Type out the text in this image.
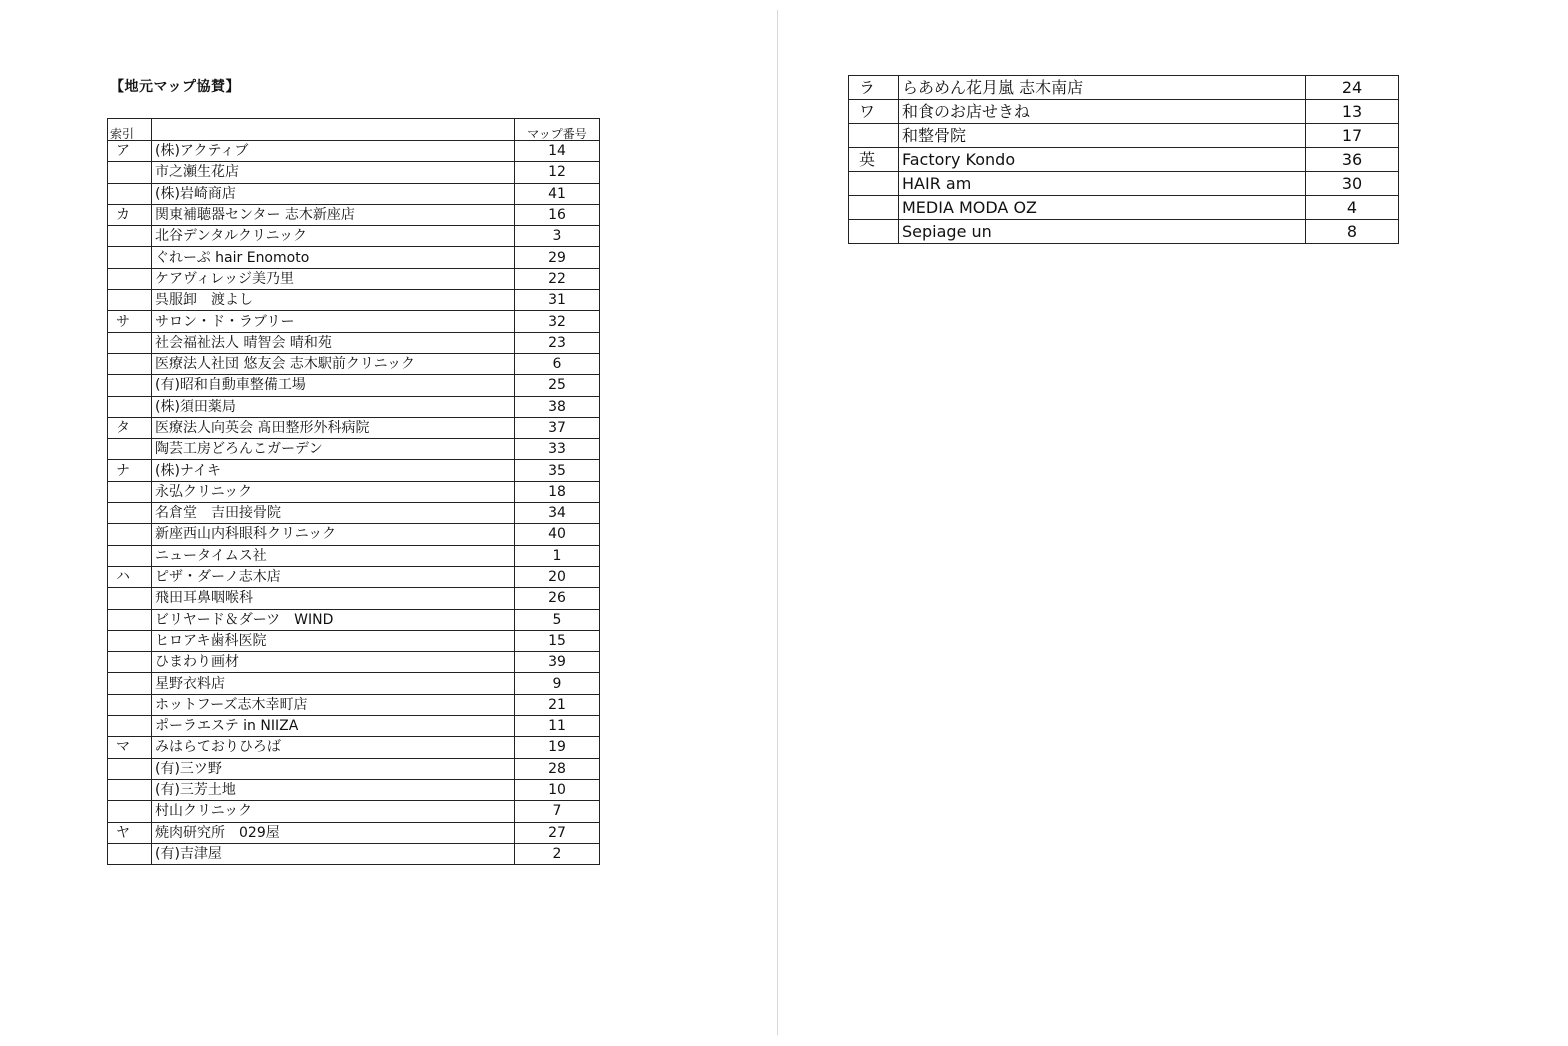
【地元マップ協賛】
索引		マップ番号
ア	(株)アクティブ	14
	市之瀬生花店	12
	(株)岩崎商店	41
カ	関東補聴器センター 志木新座店	16
	北谷デンタルクリニック	3
	ぐれーぷ hair Enomoto	29
	ケアヴィレッジ美乃里	22
	呉服卸　渡よし	31
サ	サロン・ド・ラブリー	32
	社会福祉法人 晴智会 晴和苑	23
	医療法人社団 悠友会 志木駅前クリニック	6
	(有)昭和自動車整備工場	25
	(株)須田薬局	38
タ	医療法人向英会 髙田整形外科病院	37
	陶芸工房どろんこガーデン	33
ナ	(株)ナイキ	35
	永弘クリニック	18
	名倉堂　吉田接骨院	34
	新座西山内科眼科クリニック	40
	ニュータイムス社	1
ハ	ピザ・ダーノ志木店	20
	飛田耳鼻咽喉科	26
	ビリヤード＆ダーツ　WIND	5
	ヒロアキ歯科医院	15
	ひまわり画材	39
	星野衣料店	9
	ホットフーズ志木幸町店	21
	ポーラエステ in NIIZA	11
マ	みはらておりひろば	19
	(有)三ツ野	28
	(有)三芳土地	10
	村山クリニック	7
ヤ	焼肉研究所　029屋	27
	(有)吉津屋	2
ラ	らあめん花月嵐 志木南店	24
ワ	和食のお店せきね	13
	和整骨院	17
英	Factory Kondo	36
	HAIR am	30
	MEDIA MODA OZ	4
	Sepiage un	8
